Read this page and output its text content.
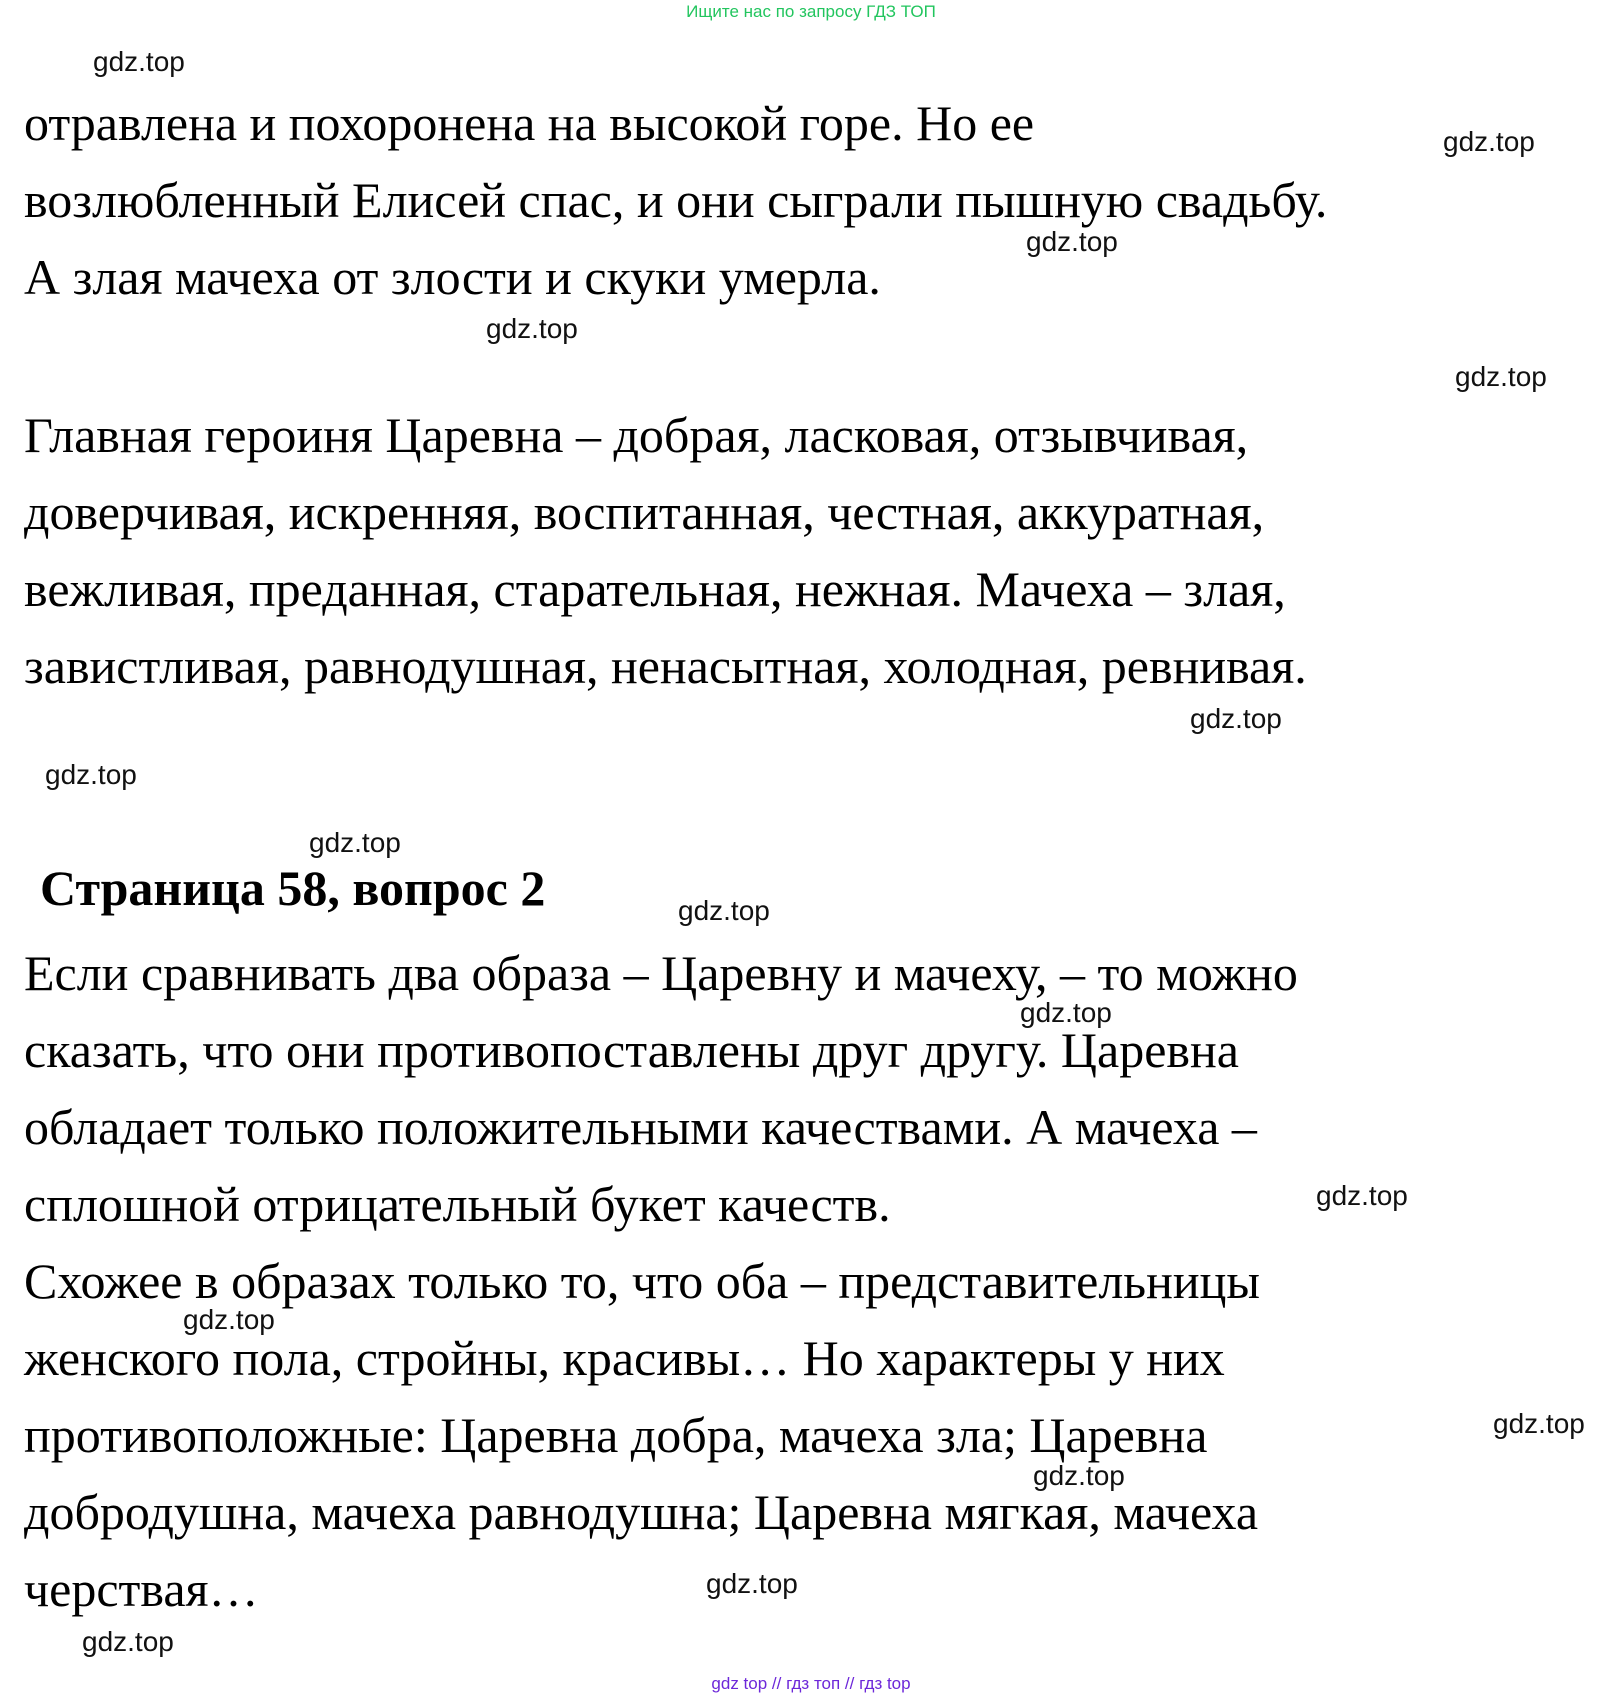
Ищите нас по запросу ГДЗ ТОП
отравлена и похоронена на высокой горе. Но ее
возлюбленный Елисей спас, и они сыграли пышную свадьбу.
А злая мачеха от злости и скуки умерла.
Главная героиня Царевна – добрая, ласковая, отзывчивая,
доверчивая, искренняя, воспитанная, честная, аккуратная,
вежливая, преданная, старательная, нежная. Мачеха – злая,
завистливая, равнодушная, ненасытная, холодная, ревнивая.
Страница 58, вопрос 2
Если сравнивать два образа – Царевну и мачеху, – то можно
сказать, что они противопоставлены друг другу. Царевна
обладает только положительными качествами. А мачеха –
сплошной отрицательный букет качеств.
Схожее в образах только то, что оба – представительницы
женского пола, стройны, красивы… Но характеры у них
противоположные: Царевна добра, мачеха зла; Царевна
добродушна, мачеха равнодушна; Царевна мягкая, мачеха
черствая…
gdz.top
gdz.top
gdz.top
gdz.top
gdz.top
gdz.top
gdz.top
gdz.top
gdz.top
gdz.top
gdz.top
gdz.top
gdz.top
gdz.top
gdz.top
gdz.top
gdz top // гдз топ // гдз top
